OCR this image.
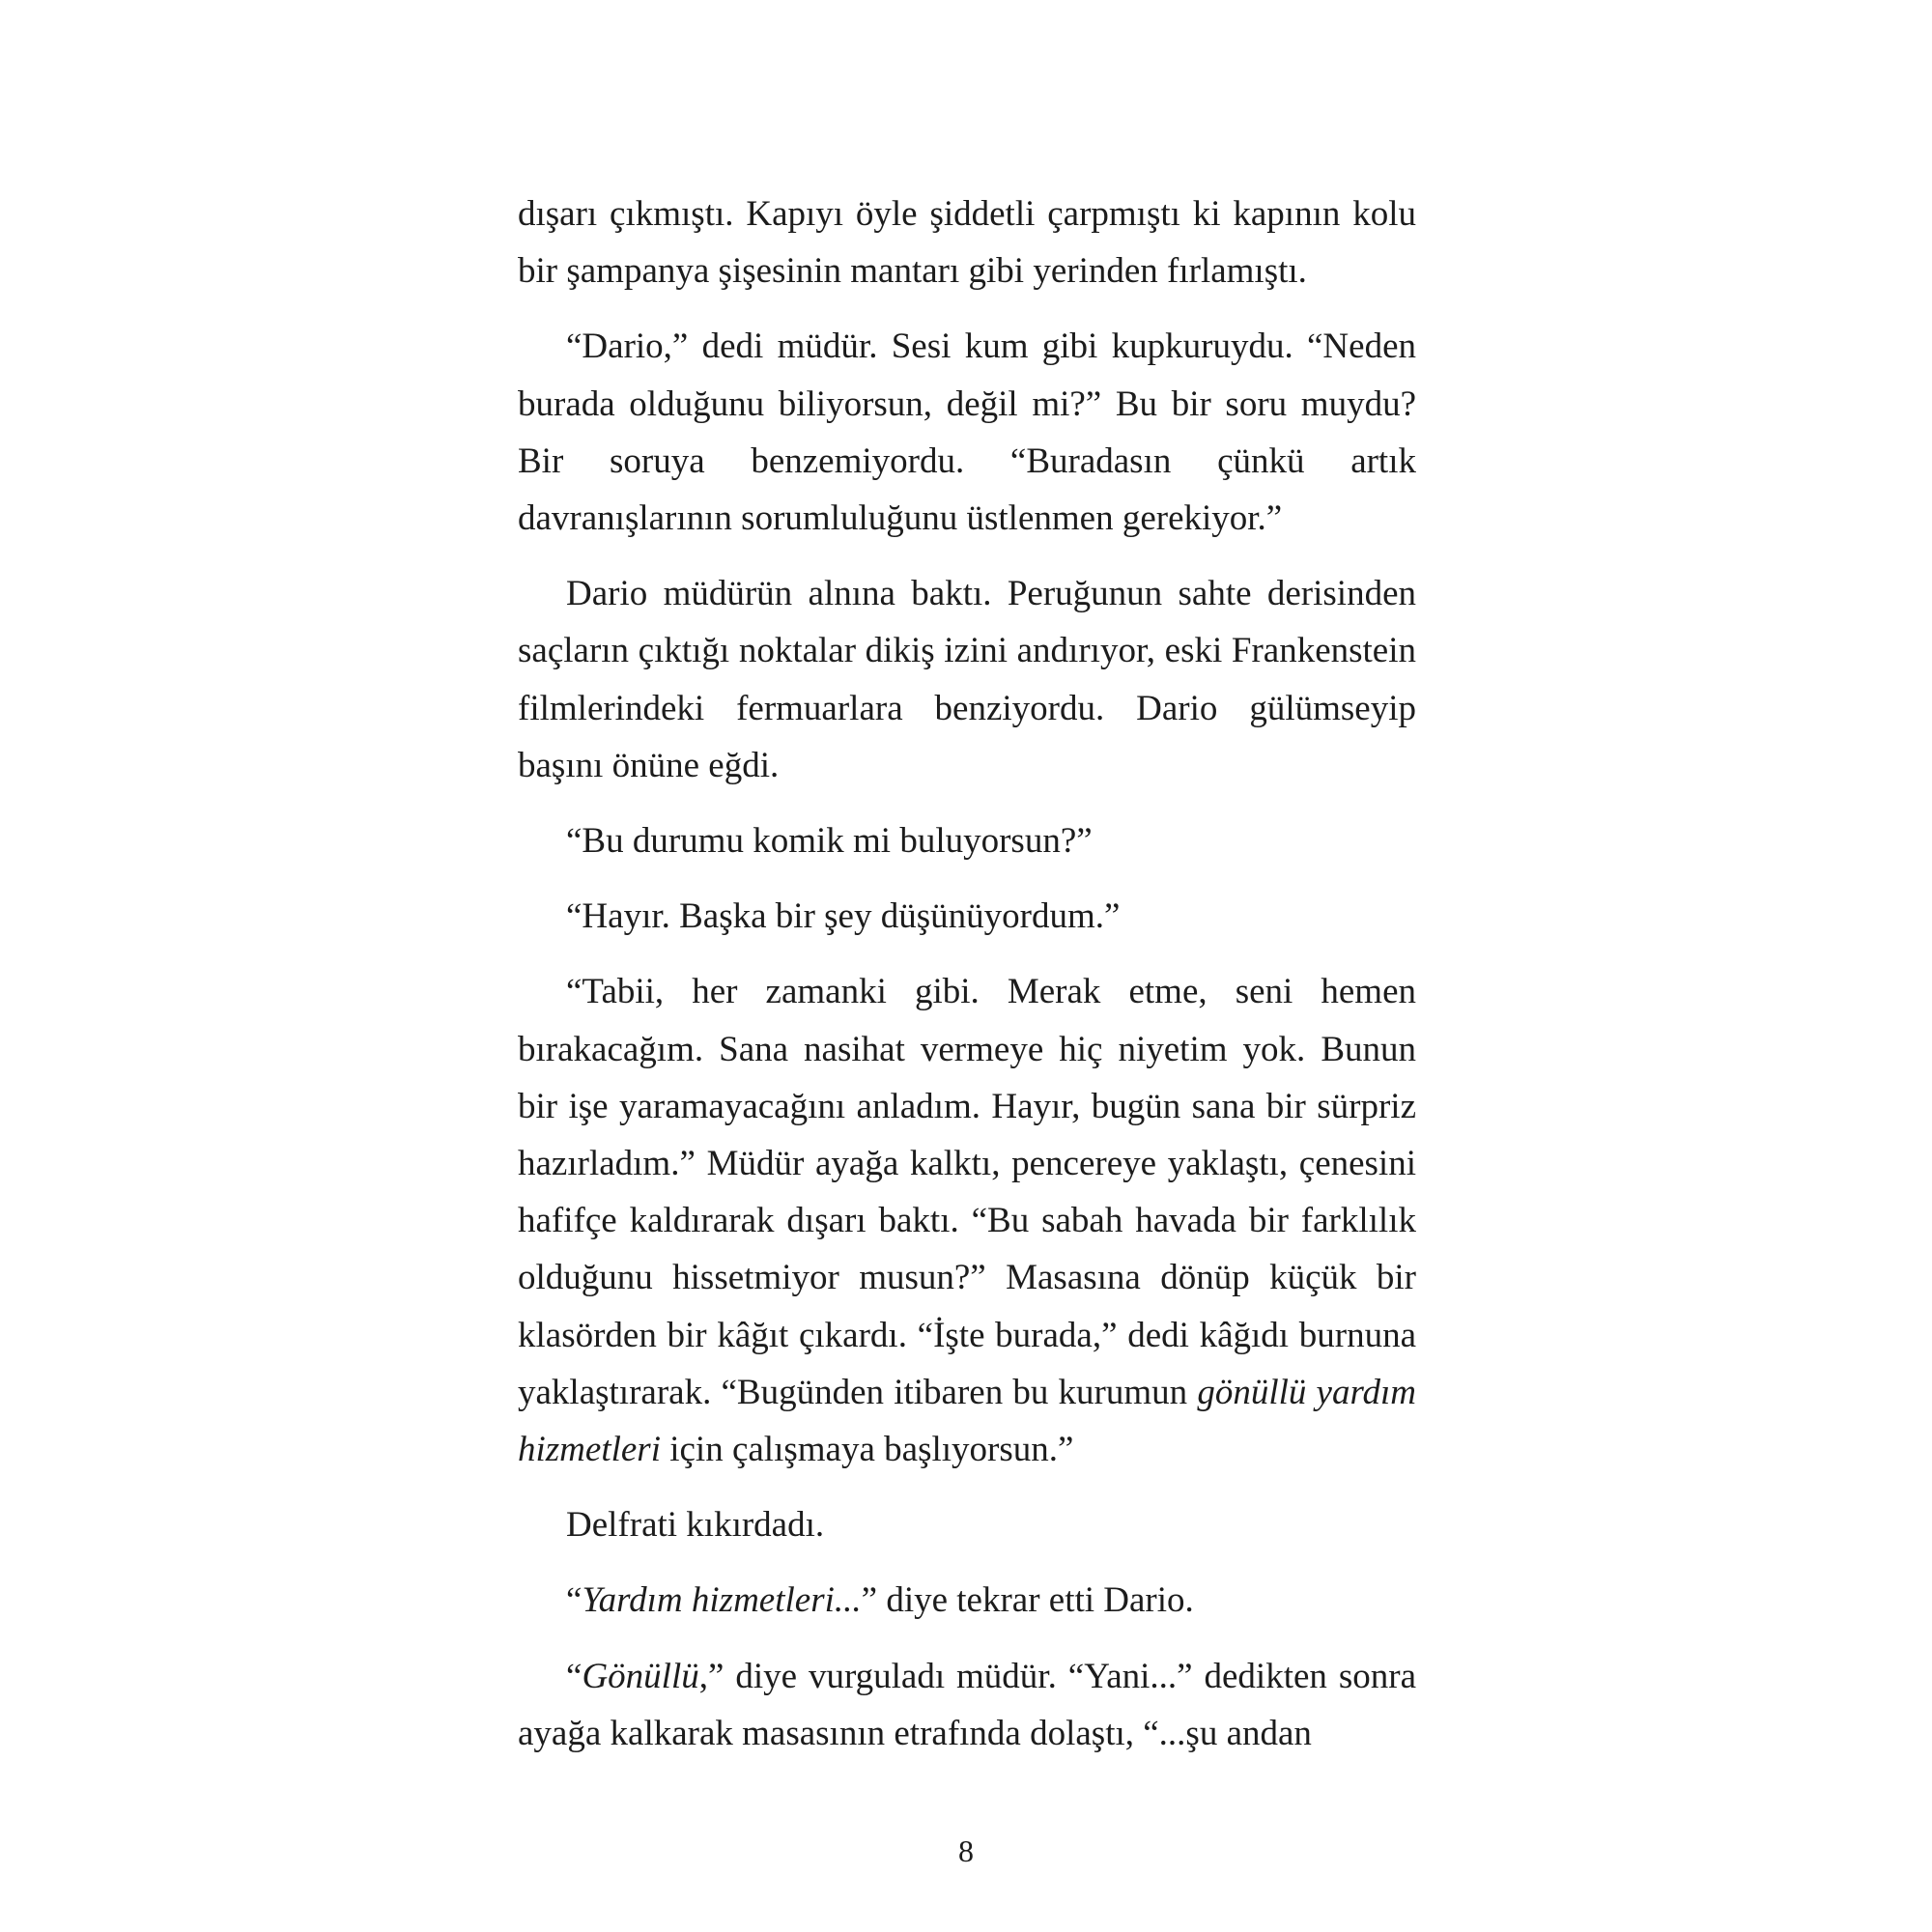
dışarı çıkmıştı. Kapıyı öyle şiddetli çarpmıştı ki kapının kolu bir şampanya şişesinin mantarı gibi yerinden fırlamıştı.

“Dario,” dedi müdür. Sesi kum gibi kupkuruydu. “Neden burada olduğunu biliyorsun, değil mi?” Bu bir soru muydu? Bir soruya benzemiyordu. “Buradasın çünkü artık davranışlarının sorumluluğunu üstlenmen gerekiyor.”

Dario müdürün alnına baktı. Peruğunun sahte derisinden saçların çıktığı noktalar dikiş izini andırıyor, eski Frankenstein filmlerindeki fermuarlara benziyordu. Dario gülümseyip başını önüne eğdi.

“Bu durumu komik mi buluyorsun?”

“Hayır. Başka bir şey düşünüyordum.”

“Tabii, her zamanki gibi. Merak etme, seni hemen bırakacağım. Sana nasihat vermeye hiç niyetim yok. Bunun bir işe yaramayacağını anladım. Hayır, bugün sana bir sürpriz hazırladım.” Müdür ayağa kalktı, pencereye yaklaştı, çenesini hafifçe kaldırarak dışarı baktı. “Bu sabah havada bir farklılık olduğunu hissetmiyor musun?” Masasına dönüp küçük bir klasörden bir kâğıt çıkardı. “İşte burada,” dedi kâğıdı burnuna yaklaştırarak. “Bugünden itibaren bu kurumun gönüllü yardım hizmetleri için çalışmaya başlıyorsun.”

Delfrati kıkırdadı.

“Yardım hizmetleri...” diye tekrar etti Dario.

“Gönüllü,” diye vurguladı müdür. “Yani...” dedikten sonra ayağa kalkarak masasının etrafında dolaştı, “...şu andan

8
